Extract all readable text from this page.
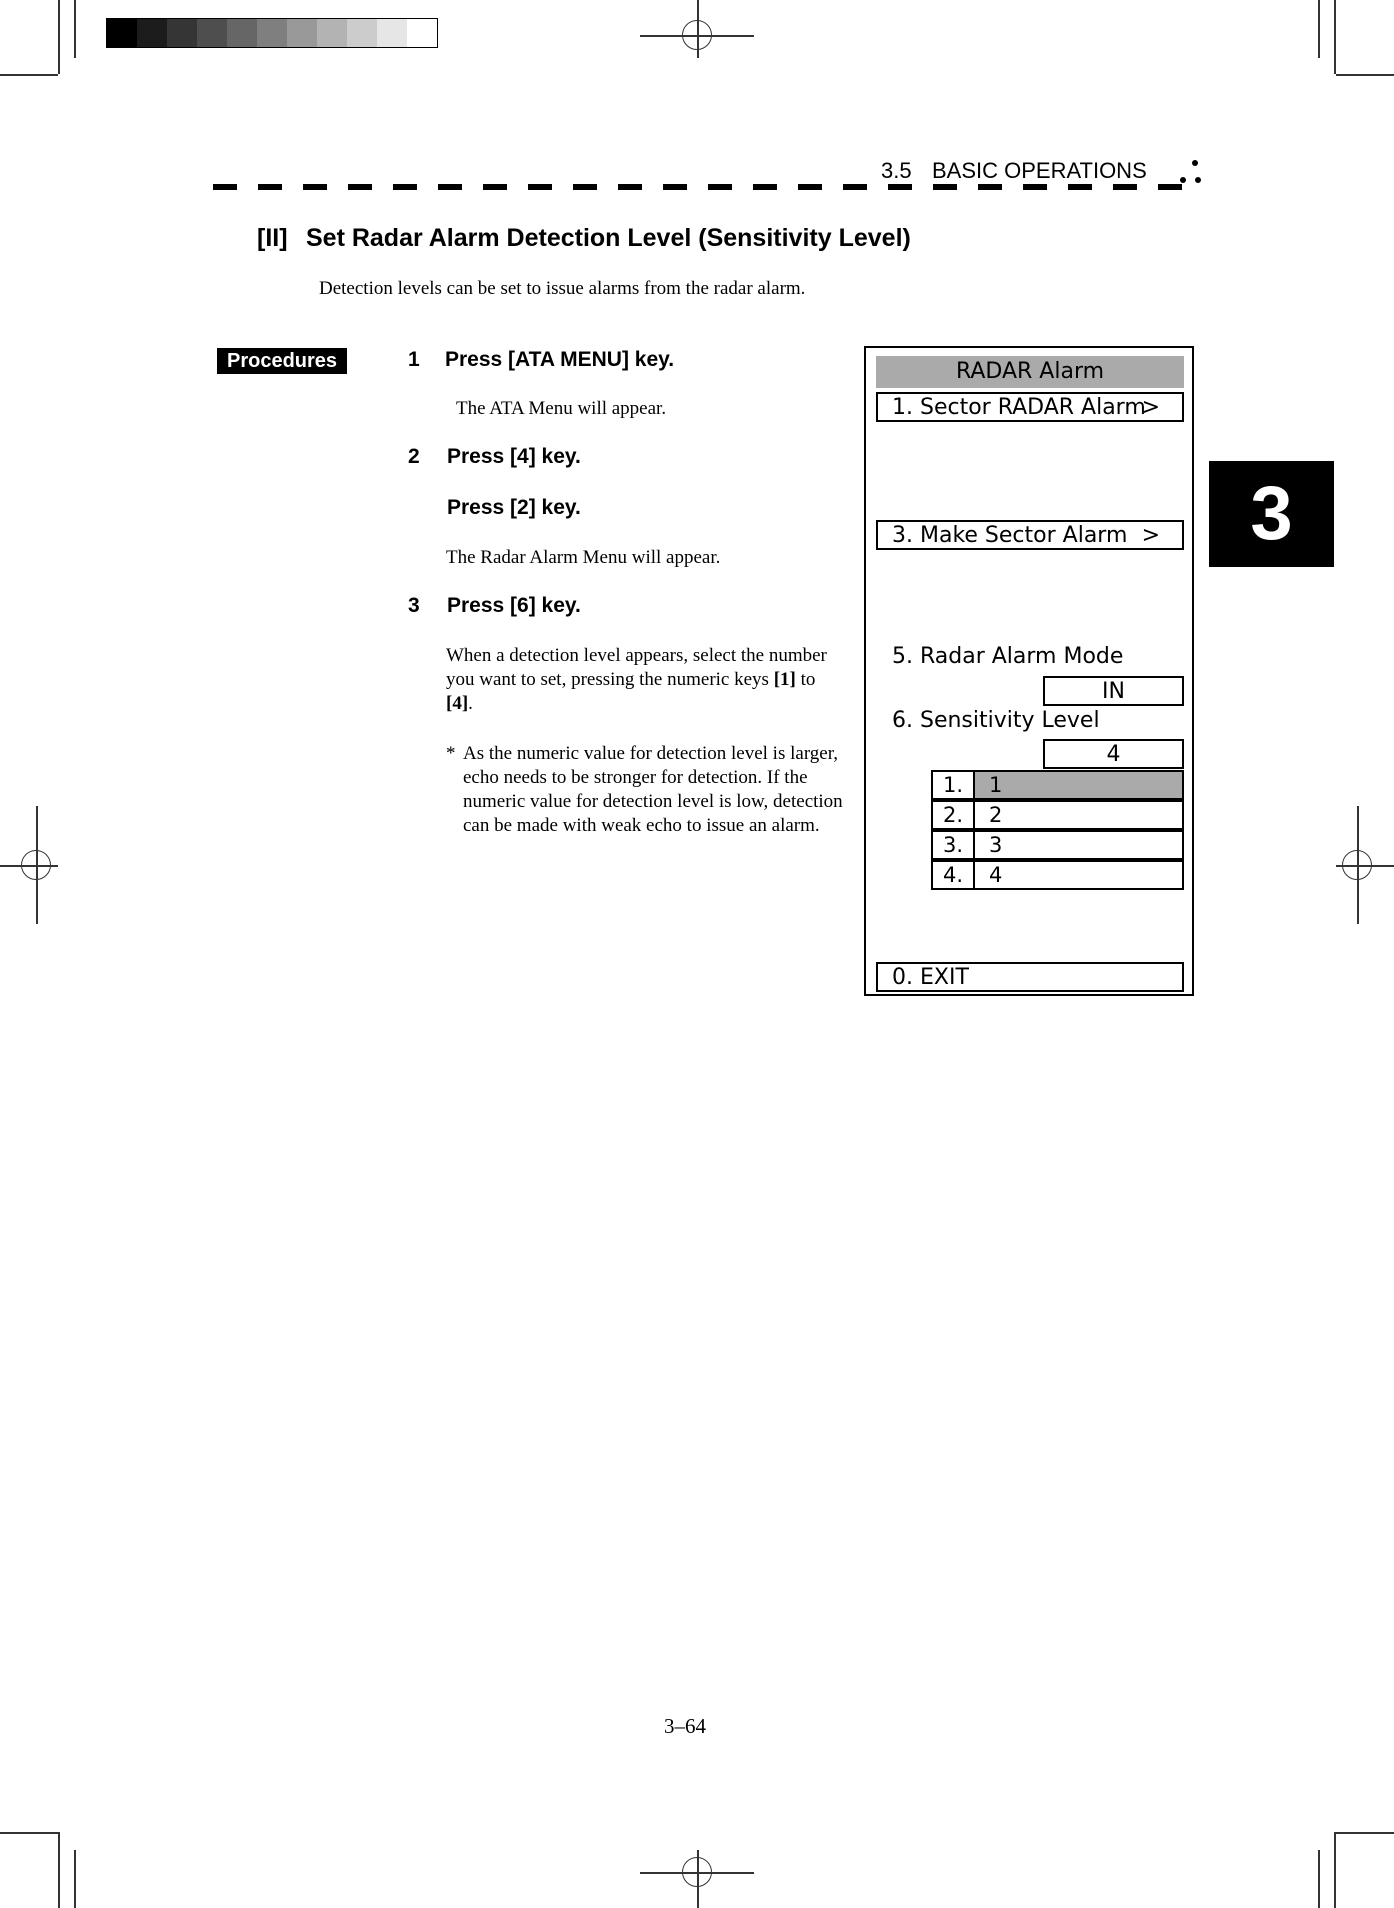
3.5 BASIC OPERATIONS
[II] Set Radar Alarm Detection Level (Sensitivity Level)
Detection levels can be set to issue alarms from the radar alarm.
Procedures	1 Press [ATA MENU] key.
The ATA Menu will appear.
2 Press [4] key.
Press [2] key.
The Radar Alarm Menu will appear.
3 Press [6] key.
When a detection level appears, select the number you want to set, pressing the numeric keys [1] to [4].
* As the numeric value for detection level is larger, echo needs to be stronger for detection. If the numeric value for detection level is low, detection can be made with weak echo to issue an alarm.
RADAR Alarm
1. Sector RADAR Alarm
>
3. Make Sector Alarm >
5. Radar Alarm Mode
IN
6. Sensitivity Level
4
1.	1
2.	2
3.	3
4.	4
0. EXIT
3
3–64
